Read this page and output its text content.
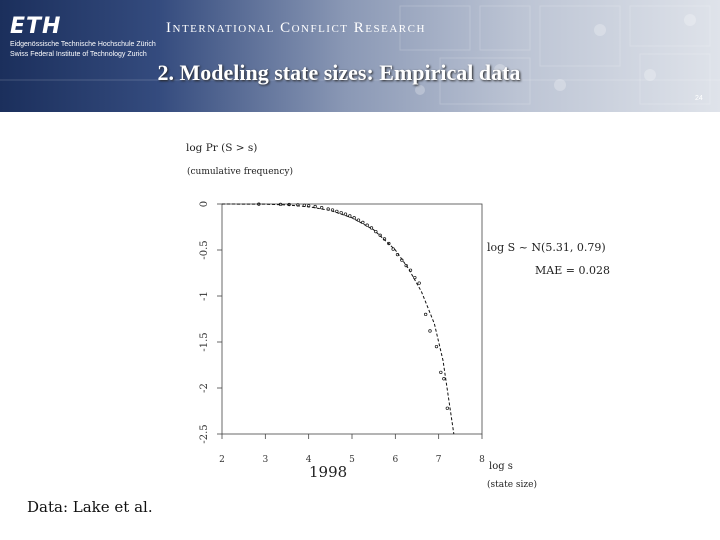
ETH
Eidgenössische Technische Hochschule Zürich
Swiss Federal Institute of Technology Zurich
International Conflict Research
2. Modeling state sizes: Empirical data
24
log Pr (S > s)
(cumulative frequency)
2	3	4	5	6	7	8
0
-0.5
-1
-1.5
-2
-2.5
log S ~ N(5.31, 0.79)
MAE = 0.028
1998	log s
(state size)
Data: Lake et al.
